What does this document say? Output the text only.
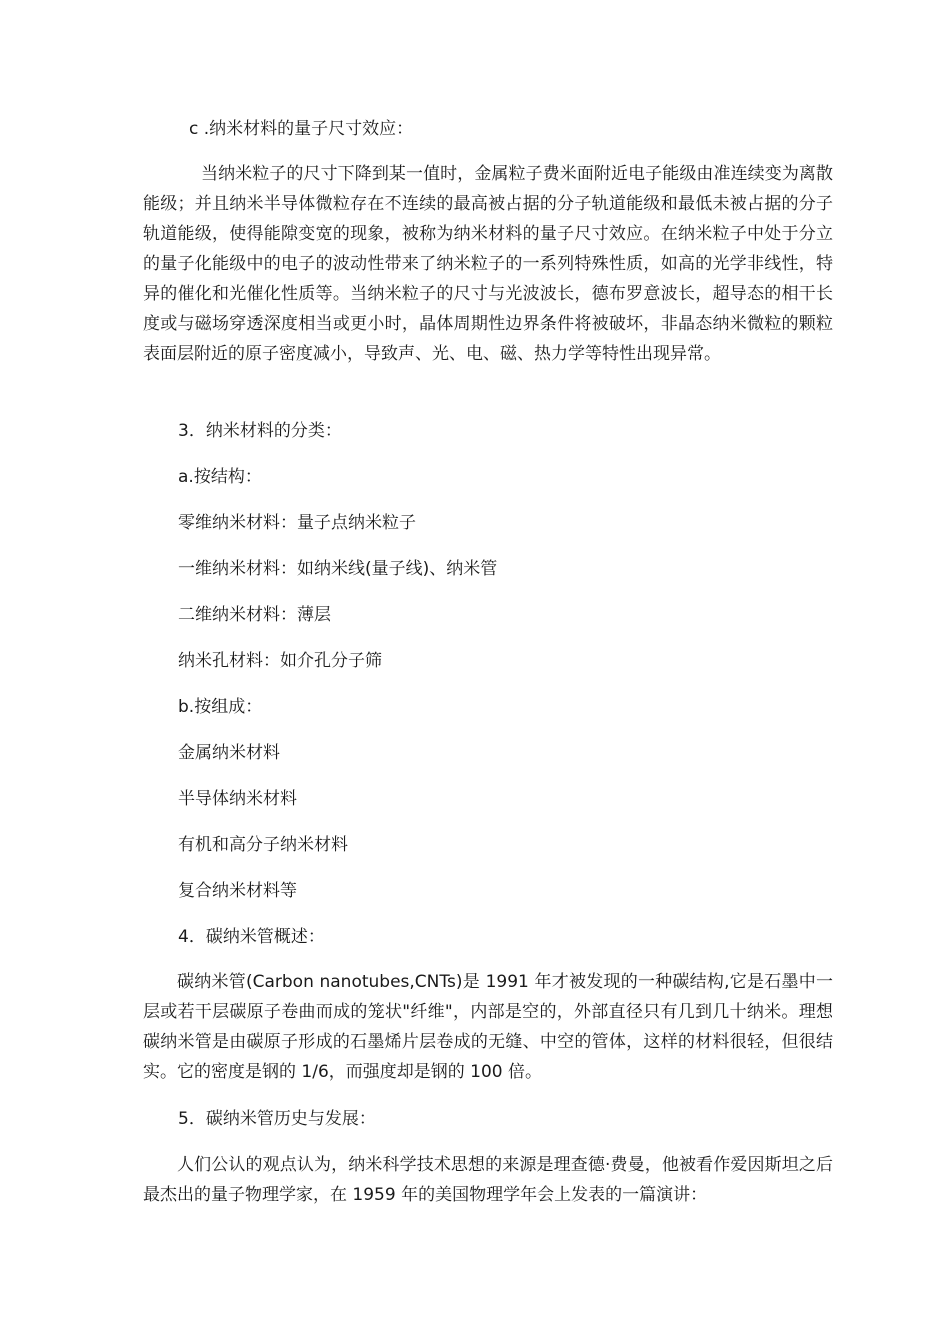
c .纳米材料的量子尺寸效应：

当纳米粒子的尺寸下降到某一值时，金属粒子费米面附近电子能级由准连续变为离散能级；并且纳米半导体微粒存在不连续的最高被占据的分子轨道能级和最低未被占据的分子轨道能级，使得能隙变宽的现象，被称为纳米材料的量子尺寸效应。在纳米粒子中处于分立的量子化能级中的电子的波动性带来了纳米粒子的一系列特殊性质，如高的光学非线性，特异的催化和光催化性质等。当纳米粒子的尺寸与光波波长，德布罗意波长，超导态的相干长度或与磁场穿透深度相当或更小时，晶体周期性边界条件将被破坏，非晶态纳米微粒的颗粒表面层附近的原子密度减小，导致声、光、电、磁、热力学等特性出现异常。

3．纳米材料的分类：
a.按结构：
零维纳米材料：量子点纳米粒子
一维纳米材料：如纳米线(量子线)、纳米管
二维纳米材料：薄层
纳米孔材料：如介孔分子筛
b.按组成：
金属纳米材料
半导体纳米材料
有机和高分子纳米材料
复合纳米材料等
4．碳纳米管概述：

碳纳米管(Carbon nanotubes,CNTs)是 1991 年才被发现的一种碳结构,它是石墨中一层或若干层碳原子卷曲而成的笼状"纤维"，内部是空的，外部直径只有几到几十纳米。理想碳纳米管是由碳原子形成的石墨烯片层卷成的无缝、中空的管体，这样的材料很轻，但很结实。它的密度是钢的 1/6，而强度却是钢的 100 倍。

5．碳纳米管历史与发展：

人们公认的观点认为，纳米科学技术思想的来源是理查德·费曼，他被看作爱因斯坦之后最杰出的量子物理学家，在 1959 年的美国物理学年会上发表的一篇演讲：
